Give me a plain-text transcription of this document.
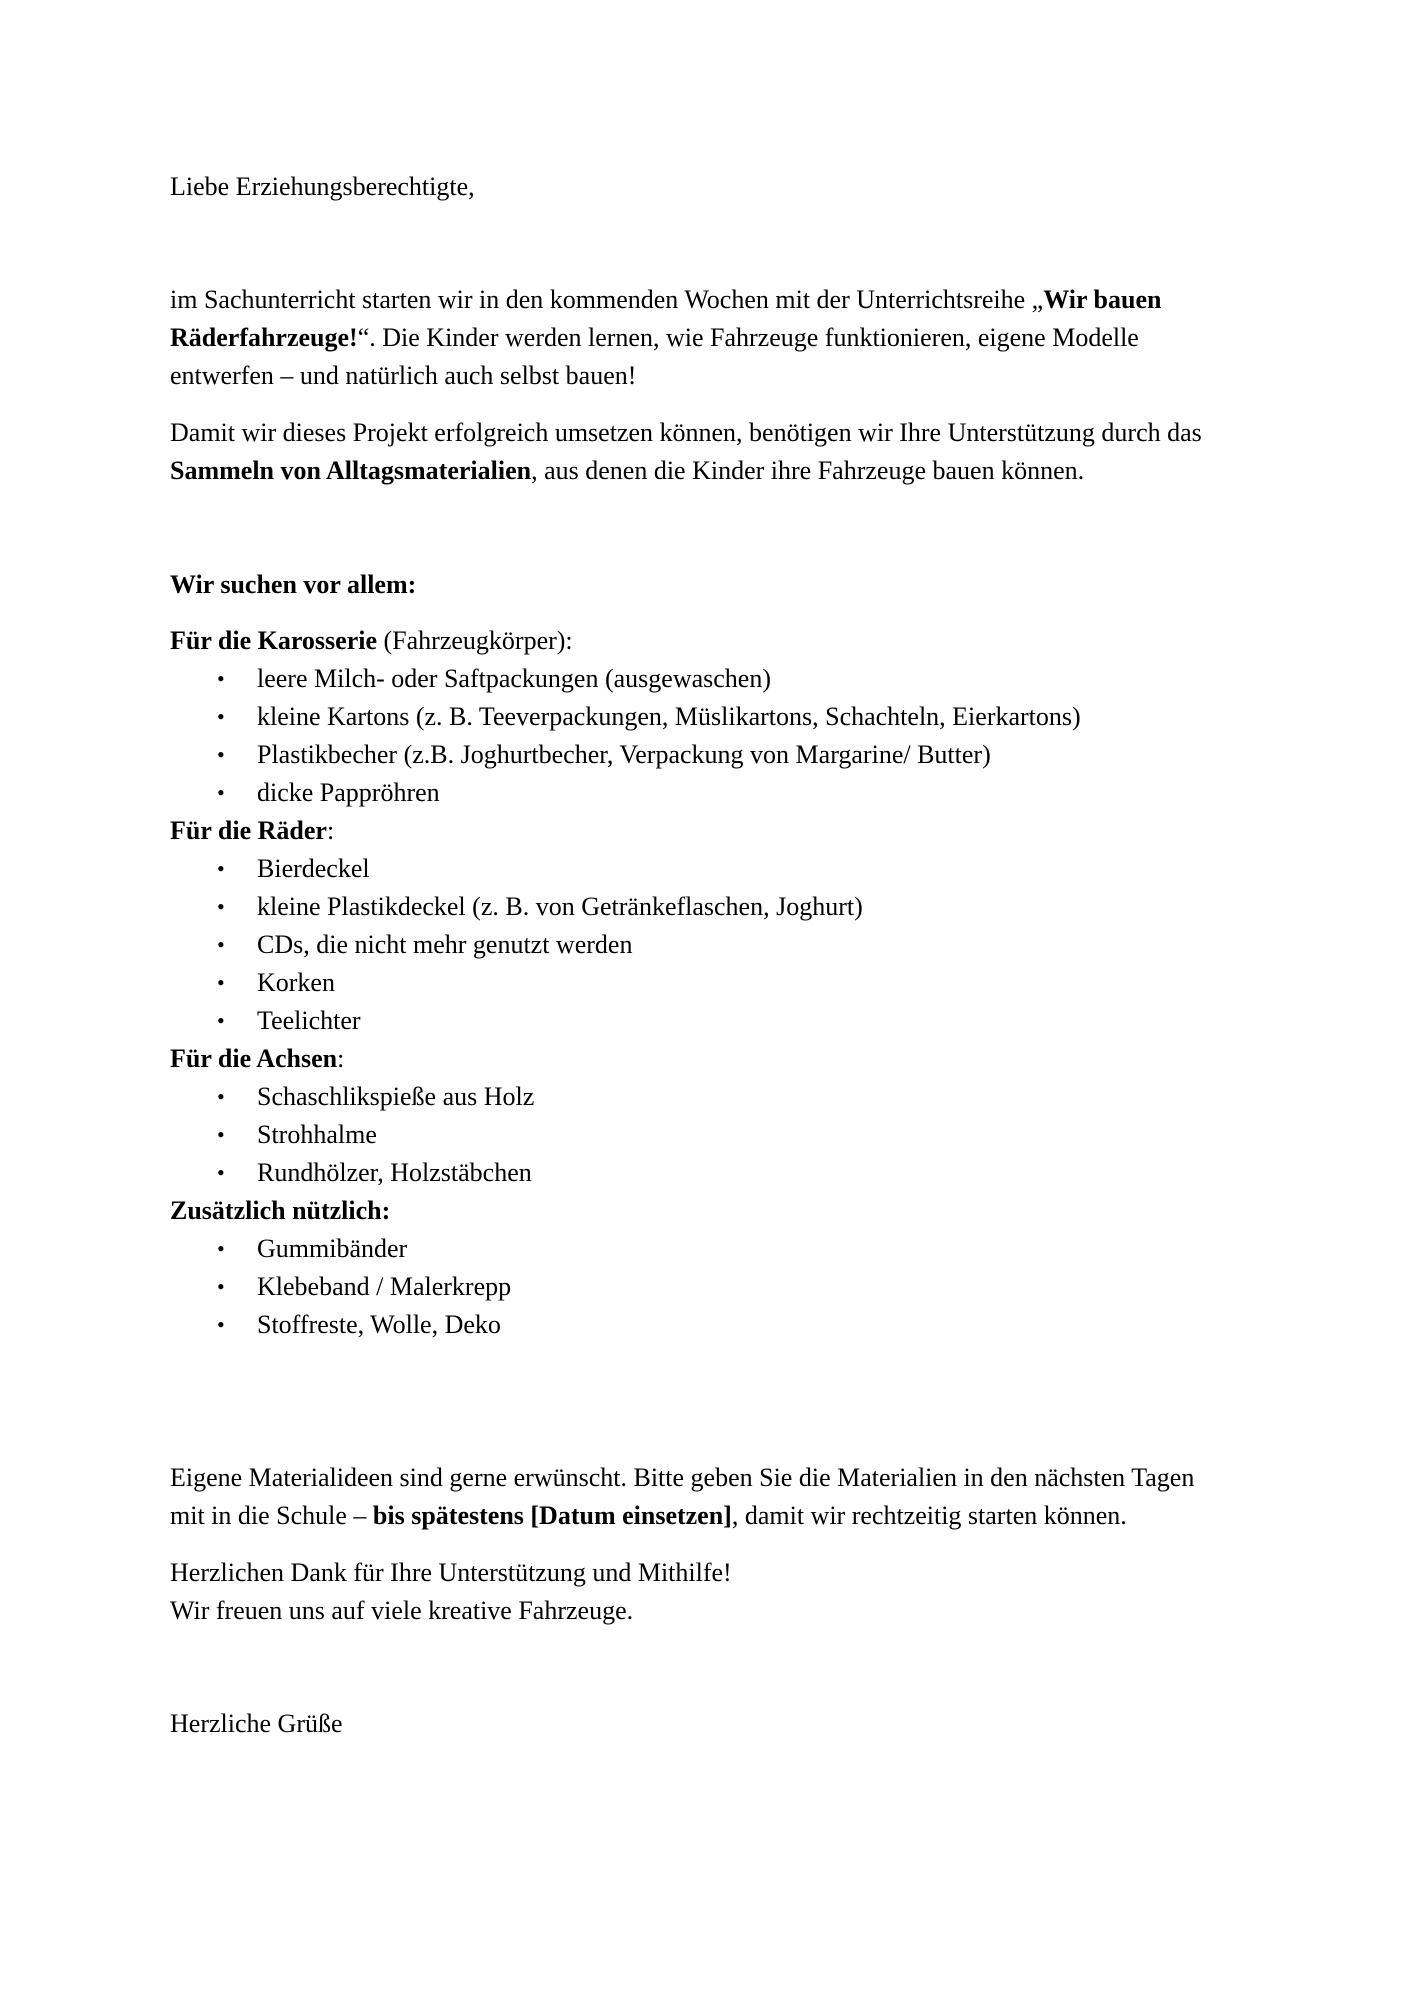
Liebe Erziehungsberechtigte,

im Sachunterricht starten wir in den kommenden Wochen mit der Unterrichtsreihe „Wir bauen
Räderfahrzeuge!“. Die Kinder werden lernen, wie Fahrzeuge funktionieren, eigene Modelle
entwerfen – und natürlich auch selbst bauen!
Damit wir dieses Projekt erfolgreich umsetzen können, benötigen wir Ihre Unterstützung durch das
Sammeln von Alltagsmaterialien, aus denen die Kinder ihre Fahrzeuge bauen können.

Wir suchen vor allem:

Für die Karosserie (Fahrzeugkörper):

• leere Milch- oder Saftpackungen (ausgewaschen)
• kleine Kartons (z. B. Teeverpackungen, Müslikartons, Schachteln, Eierkartons)
• Plastikbecher (z.B. Joghurtbecher, Verpackung von Margarine/ Butter)
• dicke Pappröhren

Für die Räder:

• Bierdeckel
• kleine Plastikdeckel (z. B. von Getränkeflaschen, Joghurt)
• CDs, die nicht mehr genutzt werden
• Korken
• Teelichter

Für die Achsen:

• Schaschlikspieße aus Holz
• Strohhalme
• Rundhölzer, Holzstäbchen

Zusätzlich nützlich:

• Gummibänder
• Klebeband / Malerkrepp
• Stoffreste, Wolle, Deko
Eigene Materialideen sind gerne erwünscht. Bitte geben Sie die Materialien in den nächsten Tagen
mit in die Schule – bis spätestens [Datum einsetzen], damit wir rechtzeitig starten können.
Herzlichen Dank für Ihre Unterstützung und Mithilfe!
Wir freuen uns auf viele kreative Fahrzeuge.

Herzliche Grüße
